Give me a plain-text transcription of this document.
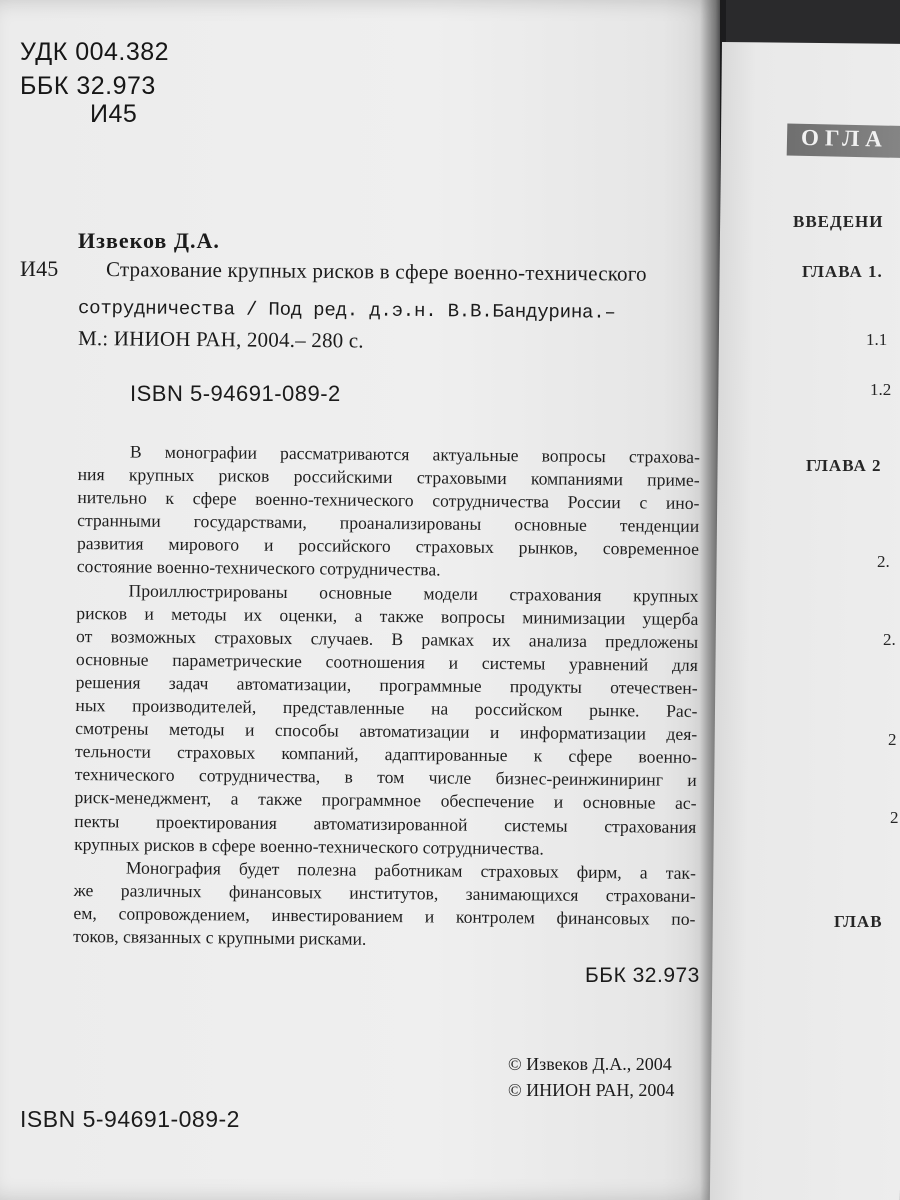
УДК 004.382

ББК 32.973

И45

Извеков Д.А.

И45 Страхование крупных рисков в сфере военно-технического

сотрудничества / Под ред. д.э.н. В.В.Бандурина.–

М.: ИНИОН РАН, 2004.– 280 с.

ISBN 5-94691-089-2

В монографии рассматриваются актуальные вопросы страхова-
ния крупных рисков российскими страховыми компаниями приме-
нительно к сфере военно-технического сотрудничества России с ино-
странными государствами, проанализированы основные тенденции
развития мирового и российского страховых рынков, современное
состояние военно-технического сотрудничества.
Проиллюстрированы основные модели страхования крупных
рисков и методы их оценки, а также вопросы минимизации ущерба
от возможных страховых случаев. В рамках их анализа предложены
основные параметрические соотношения и системы уравнений для
решения задач автоматизации, программные продукты отечествен-
ных производителей, представленные на российском рынке. Рас-
смотрены методы и способы автоматизации и информатизации дея-
тельности страховых компаний, адаптированные к сфере военно-
технического сотрудничества, в том числе бизнес-реинжиниринг и
риск-менеджмент, а также программное обеспечение и основные ас-
пекты проектирования автоматизированной системы страхования
крупных рисков в сфере военно-технического сотрудничества.
Монография будет полезна работникам страховых фирм, а так-
же различных финансовых институтов, занимающихся страховани-
ем, сопровождением, инвестированием и контролем финансовых по-
токов, связанных с крупными рисками.

ББК 32.973

© Извеков Д.А., 2004

© ИНИОН РАН, 2004

ISBN 5-94691-089-2

ОГЛА

ВВЕДЕНИ

ГЛАВА 1.

1.1

1.2

ГЛАВА 2

2.

2.

2

2

ГЛАВ
